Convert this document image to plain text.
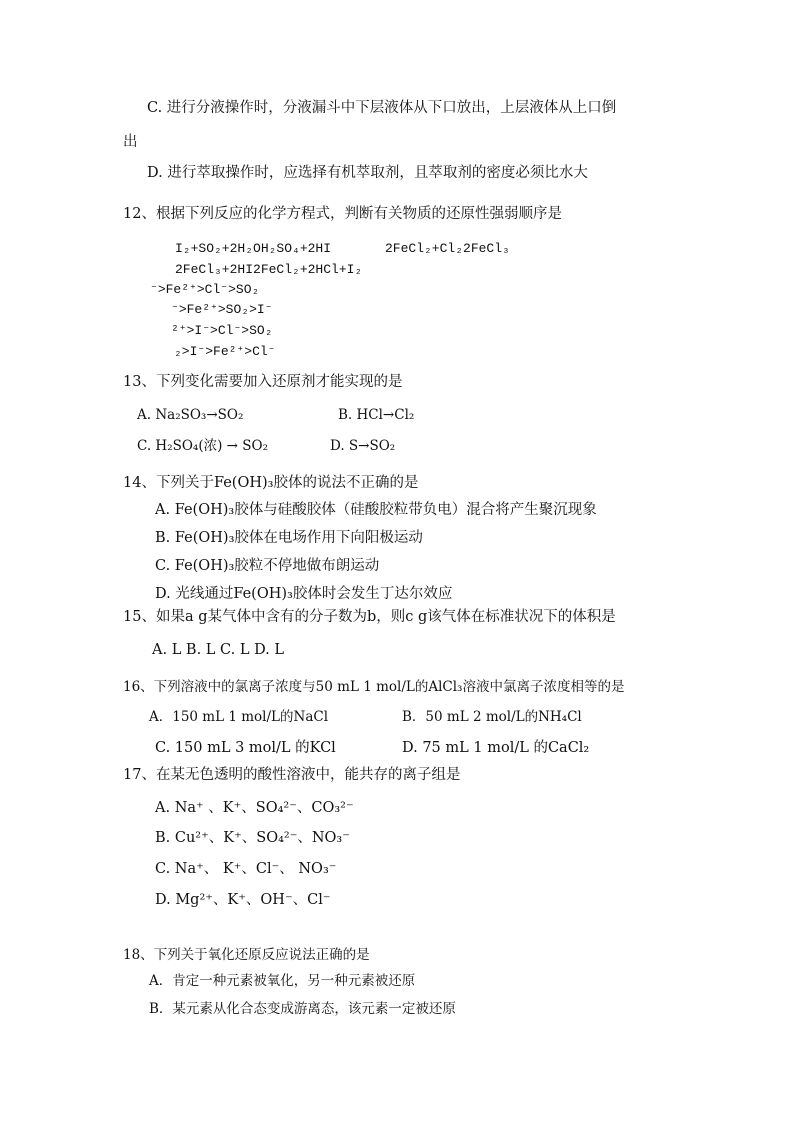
C. 进行分液操作时，分液漏斗中下层液体从下口放出，上层液体从上口倒
出
D. 进行萃取操作时，应选择有机萃取剂，且萃取剂的密度必须比水大
12、根据下列反应的化学方程式，判断有关物质的还原性强弱顺序是
I₂+SO₂+2H₂OH₂SO₄+2HI	2FeCl₂+Cl₂2FeCl₃
2FeCl₃+2HI2FeCl₂+2HCl+I₂
⁻>Fe²⁺>Cl⁻>SO₂
⁻>Fe²⁺>SO₂>I⁻
²⁺>I⁻>Cl⁻>SO₂
₂>I⁻>Fe²⁺>Cl⁻
13、下列变化需要加入还原剂才能实现的是
A. Na₂SO₃→SO₂	B. HCl→Cl₂
C. H₂SO₄(浓) → SO₂	D. S→SO₂
14、下列关于Fe(OH)₃胶体的说法不正确的是
A. Fe(OH)₃胶体与硅酸胶体（硅酸胶粒带负电）混合将产生聚沉现象
B. Fe(OH)₃胶体在电场作用下向阳极运动
C. Fe(OH)₃胶粒不停地做布朗运动
D. 光线通过Fe(OH)₃胶体时会发生丁达尔效应
15、如果a g某气体中含有的分子数为b，则c g该气体在标准状况下的体积是
A. L B. L C. L D. L
16、下列溶液中的氯离子浓度与50 mL 1 mol/L的AlCl₃溶液中氯离子浓度相等的是
A．150 mL 1 mol/L的NaCl	B．50 mL 2 mol/L的NH₄Cl
C. 150 mL 3 mol/L 的KCl	D. 75 mL 1 mol/L 的CaCl₂
17、在某无色透明的酸性溶液中，能共存的离子组是
A. Na⁺ 、K⁺、SO₄²⁻、CO₃²⁻
B. Cu²⁺、K⁺、SO₄²⁻、NO₃⁻
C. Na⁺、 K⁺、Cl⁻、 NO₃⁻
D. Mg²⁺、K⁺、OH⁻、Cl⁻
18、下列关于氧化还原反应说法正确的是
A．肯定一种元素被氧化，另一种元素被还原
B．某元素从化合态变成游离态，该元素一定被还原
